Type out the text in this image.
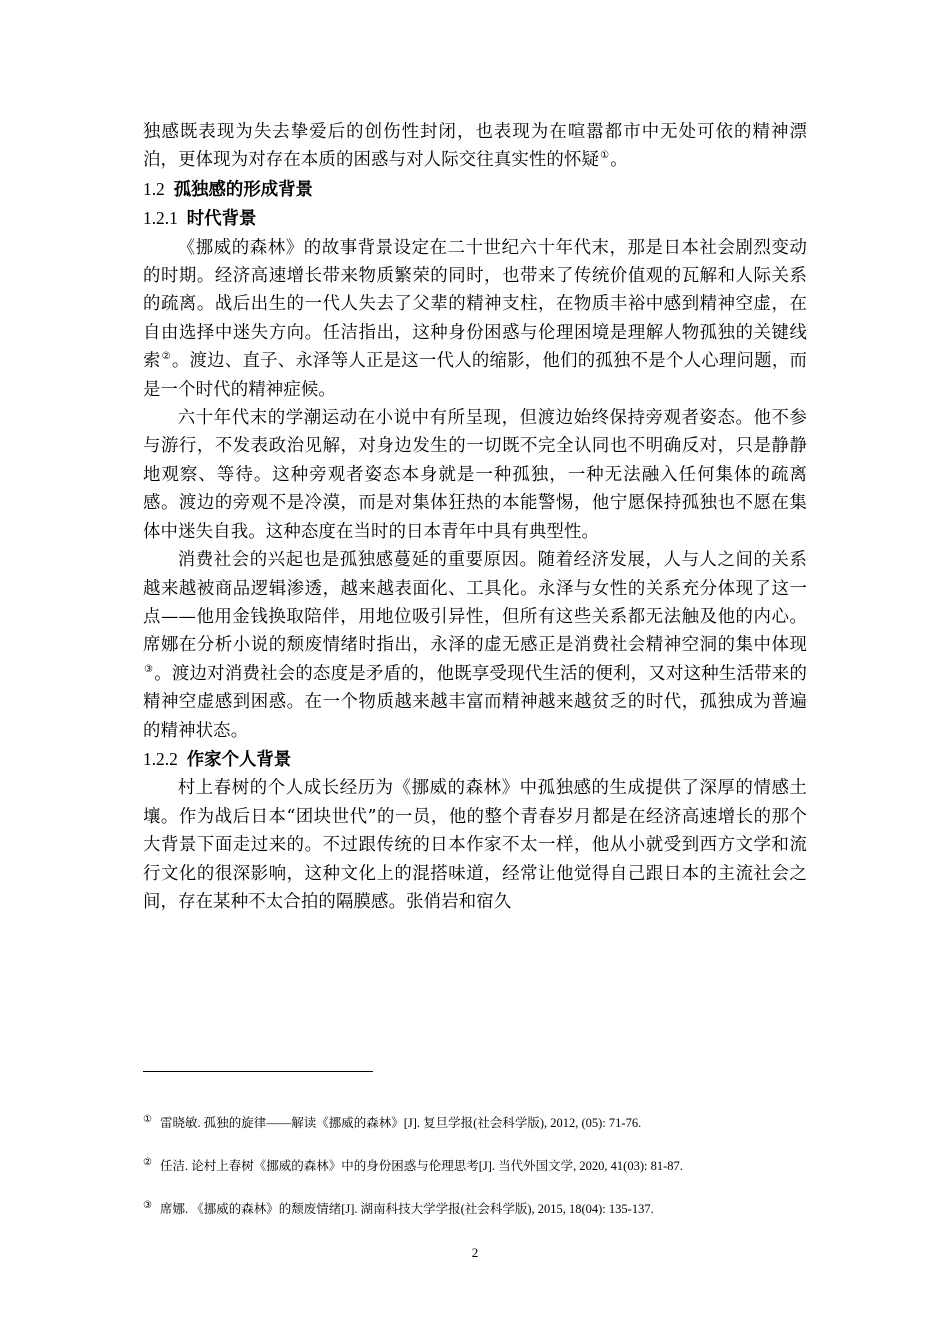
独感既表现为失去挚爱后的创伤性封闭，也表现为在喧嚣都市中无处可依的精神漂泊，更体现为对存在本质的困惑与对人际交往真实性的怀疑①。

1.2 孤独感的形成背景

1.2.1 时代背景

《挪威的森林》的故事背景设定在二十世纪六十年代末，那是日本社会剧烈变动的时期。经济高速增长带来物质繁荣的同时，也带来了传统价值观的瓦解和人际关系的疏离。战后出生的一代人失去了父辈的精神支柱，在物质丰裕中感到精神空虚，在自由选择中迷失方向。任洁指出，这种身份困惑与伦理困境是理解人物孤独的关键线索②。渡边、直子、永泽等人正是这一代人的缩影，他们的孤独不是个人心理问题，而是一个时代的精神症候。

六十年代末的学潮运动在小说中有所呈现，但渡边始终保持旁观者姿态。他不参与游行，不发表政治见解，对身边发生的一切既不完全认同也不明确反对，只是静静地观察、等待。这种旁观者姿态本身就是一种孤独，一种无法融入任何集体的疏离感。渡边的旁观不是冷漠，而是对集体狂热的本能警惕，他宁愿保持孤独也不愿在集体中迷失自我。这种态度在当时的日本青年中具有典型性。

消费社会的兴起也是孤独感蔓延的重要原因。随着经济发展，人与人之间的关系越来越被商品逻辑渗透，越来越表面化、工具化。永泽与女性的关系充分体现了这一点——他用金钱换取陪伴，用地位吸引异性，但所有这些关系都无法触及他的内心。席娜在分析小说的颓废情绪时指出，永泽的虚无感正是消费社会精神空洞的集中体现③。渡边对消费社会的态度是矛盾的，他既享受现代生活的便利，又对这种生活带来的精神空虚感到困惑。在一个物质越来越丰富而精神越来越贫乏的时代，孤独成为普遍的精神状态。

1.2.2 作家个人背景

村上春树的个人成长经历为《挪威的森林》中孤独感的生成提供了深厚的情感土壤。作为战后日本“团块世代”的一员，他的整个青春岁月都是在经济高速增长的那个大背景下面走过来的。不过跟传统的日本作家不太一样，他从小就受到西方文学和流行文化的很深影响，这种文化上的混搭味道，经常让他觉得自己跟日本的主流社会之间，存在某种不太合拍的隔膜感。张俏岩和宿久

① 雷晓敏. 孤独的旋律——解读《挪威的森林》[J]. 复旦学报(社会科学版), 2012, (05): 71-76.

② 任洁. 论村上春树《挪威的森林》中的身份困惑与伦理思考[J]. 当代外国文学, 2020, 41(03): 81-87.

③ 席娜. 《挪威的森林》的颓废情绪[J]. 湖南科技大学学报(社会科学版), 2015, 18(04): 135-137.

2
